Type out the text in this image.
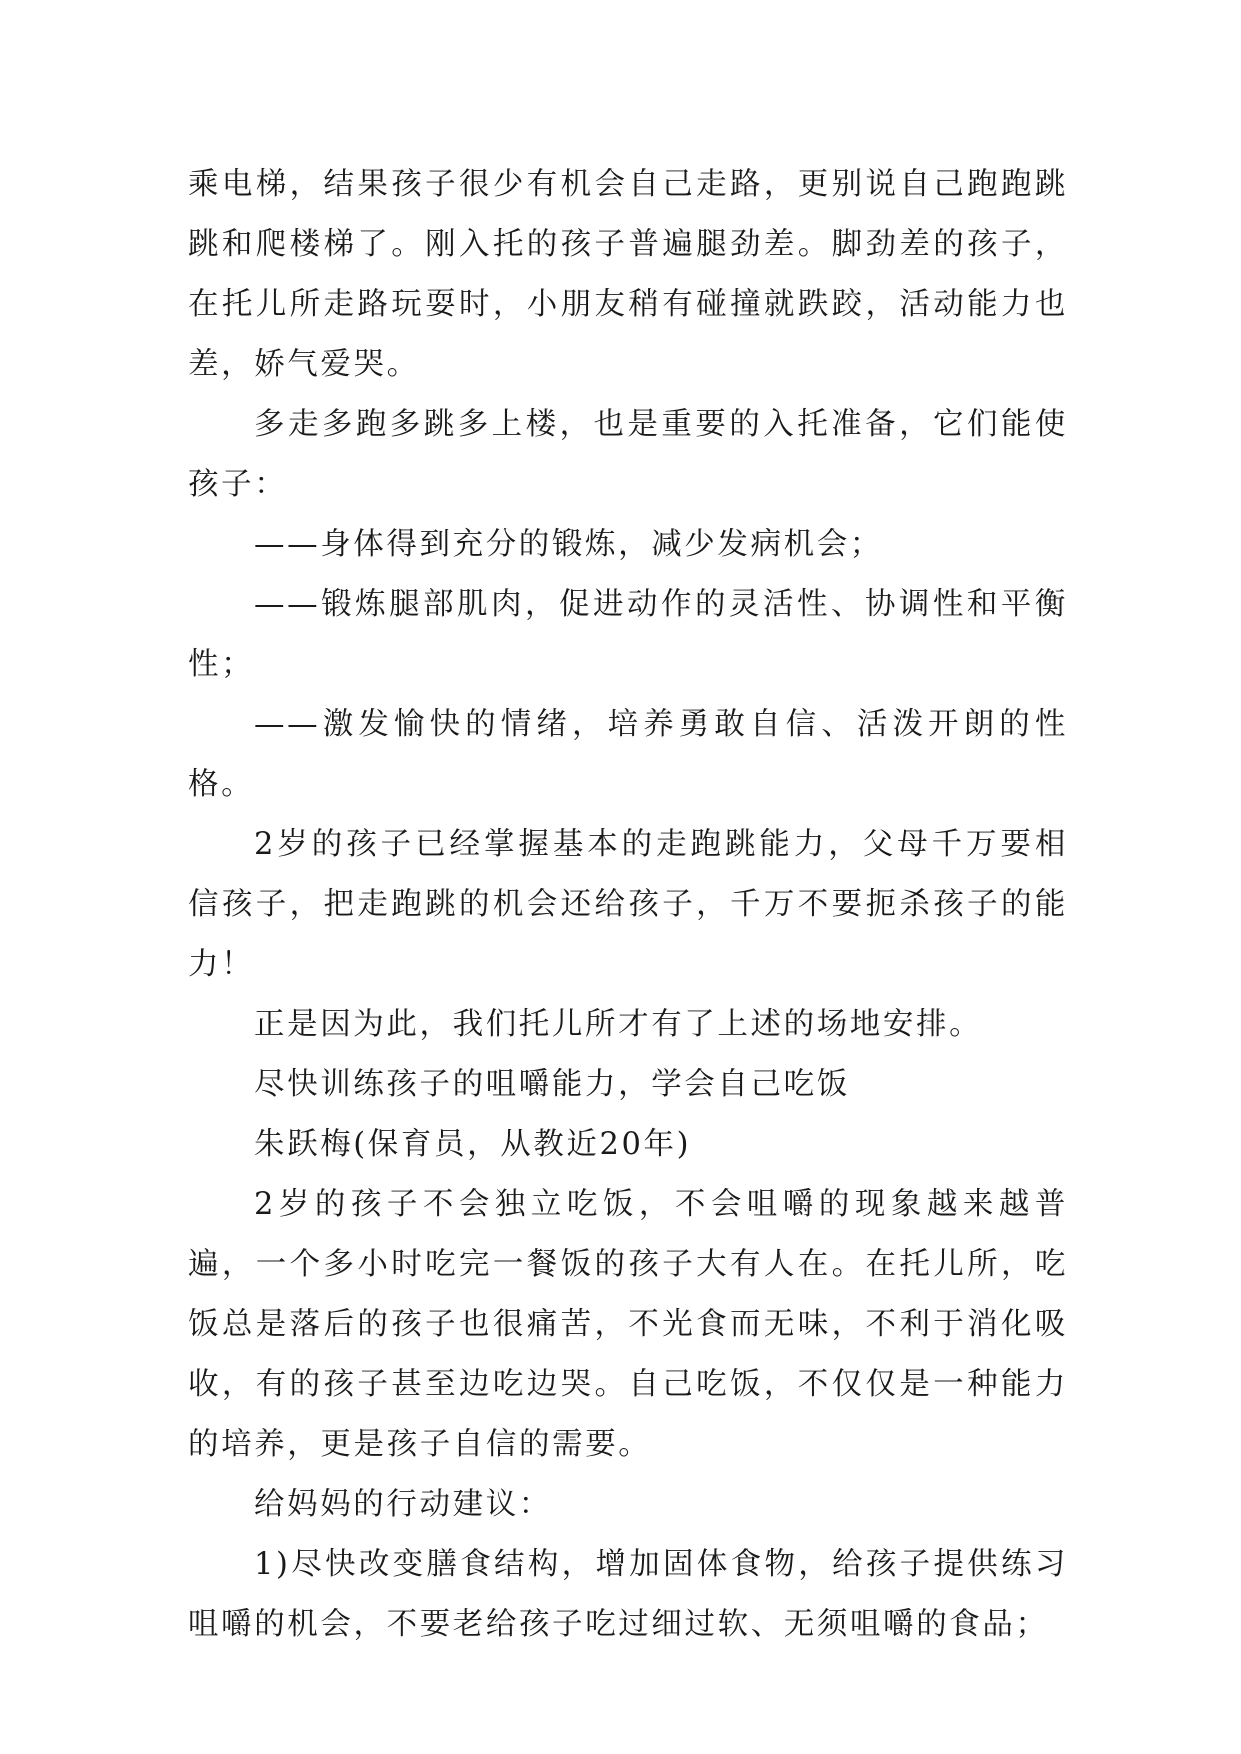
乘电梯，结果孩子很少有机会自己走路，更别说自己跑跑跳跳和爬楼梯了。刚入托的孩子普遍腿劲差。脚劲差的孩子，在托儿所走路玩耍时，小朋友稍有碰撞就跌跤，活动能力也差，娇气爱哭。

多走多跑多跳多上楼，也是重要的入托准备，它们能使孩子：

——身体得到充分的锻炼，减少发病机会；

——锻炼腿部肌肉，促进动作的灵活性、协调性和平衡性；

——激发愉快的情绪，培养勇敢自信、活泼开朗的性格。

2岁的孩子已经掌握基本的走跑跳能力，父母千万要相信孩子，把走跑跳的机会还给孩子，千万不要扼杀孩子的能力！

正是因为此，我们托儿所才有了上述的场地安排。

尽快训练孩子的咀嚼能力，学会自己吃饭

朱跃梅(保育员，从教近20年)

2岁的孩子不会独立吃饭，不会咀嚼的现象越来越普遍，一个多小时吃完一餐饭的孩子大有人在。在托儿所，吃饭总是落后的孩子也很痛苦，不光食而无味，不利于消化吸收，有的孩子甚至边吃边哭。自己吃饭，不仅仅是一种能力的培养，更是孩子自信的需要。

给妈妈的行动建议：

1)尽快改变膳食结构，增加固体食物，给孩子提供练习咀嚼的机会，不要老给孩子吃过细过软、无须咀嚼的食品；
